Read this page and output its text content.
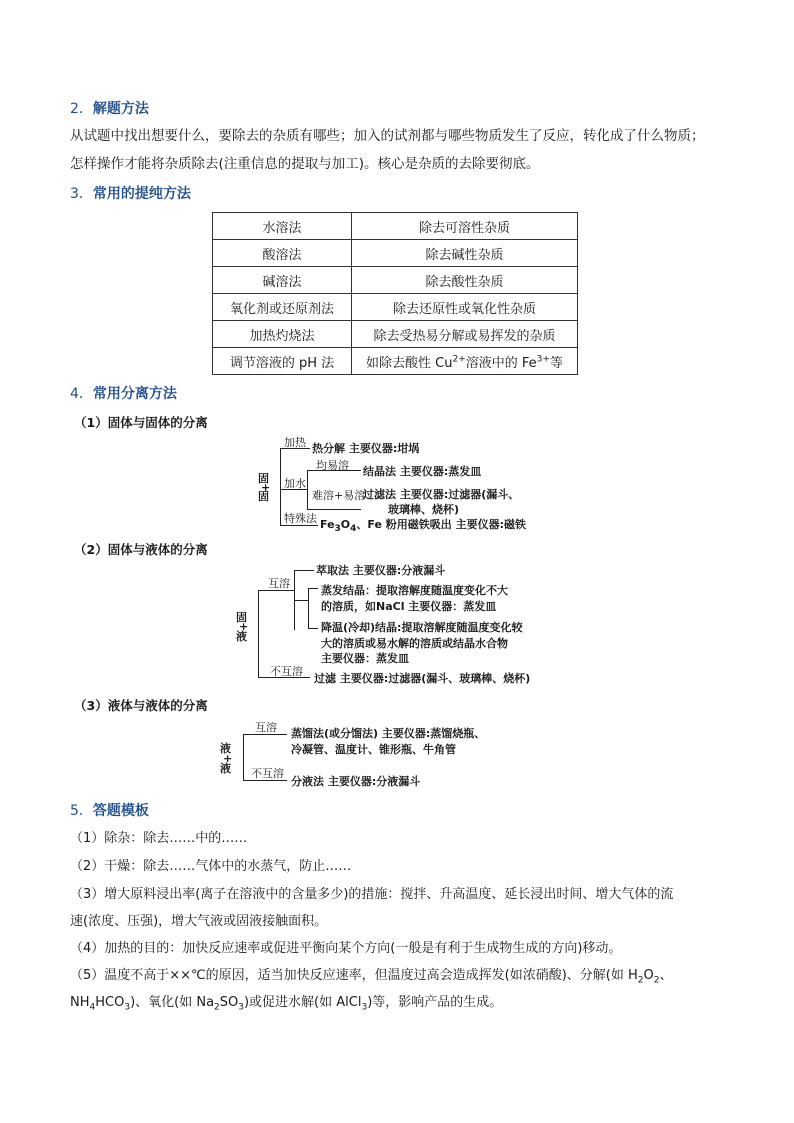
2．解题方法
从试题中找出想要什么，要除去的杂质有哪些；加入的试剂都与哪些物质发生了反应，转化成了什么物质；
怎样操作才能将杂质除去(注重信息的提取与加工)。核心是杂质的去除要彻底。
3．常用的提纯方法
水溶法	除去可溶性杂质
酸溶法	除去碱性杂质
碱溶法	除去酸性杂质
氧化剂或还原剂法	除去还原性或氧化性杂质
加热灼烧法	除去受热易分解或易挥发的杂质
调节溶液的 pH 法	如除去酸性 $Cu^{2+}$溶液中的 $Fe^{3+}$等
4．常用分离方法
（1）固体与固体的分离
固
+
固
加热 热分解 主要仪器:坩埚
加水
均易溶 结晶法 主要仪器:蒸发皿
难溶+易溶
过滤法 主要仪器:过滤器(漏斗、
玻璃棒、烧杯)
特殊法 $Fe_3O_4$、Fe 粉用磁铁吸出 主要仪器:磁铁
（2）固体与液体的分离
固
+
液
互溶
萃取法 主要仪器:分液漏斗
蒸发结晶：提取溶解度随温度变化不大
的溶质，如NaCl 主要仪器：蒸发皿
降温(冷却)结晶:提取溶解度随温度变化较
大的溶质或易水解的溶质或结晶水合物
主要仪器：蒸发皿
不互溶
过滤 主要仪器:过滤器(漏斗、玻璃棒、烧杯)
（3）液体与液体的分离
液
+
液
互溶 蒸馏法(或分馏法) 主要仪器:蒸馏烧瓶、
冷凝管、温度计、锥形瓶、牛角管
不互溶
分液法 主要仪器:分液漏斗
5．答题模板
（1）除杂：除去……中的……
（2）干燥：除去……气体中的水蒸气，防止……
（3）增大原料浸出率(离子在溶液中的含量多少)的措施：搅拌、升高温度、延长浸出时间、增大气体的流
速(浓度、压强)，增大气液或固液接触面积。
（4）加热的目的：加快反应速率或促进平衡向某个方向(一般是有利于生成物生成的方向)移动。
（5）温度不高于××℃的原因，适当加快反应速率，但温度过高会造成挥发(如浓硝酸)、分解(如 $H_2O_2$、
$NH_4HCO_3$)、氧化(如 $Na_2SO_3$)或促进水解(如 AlCl$_3$)等，影响产品的生成。
